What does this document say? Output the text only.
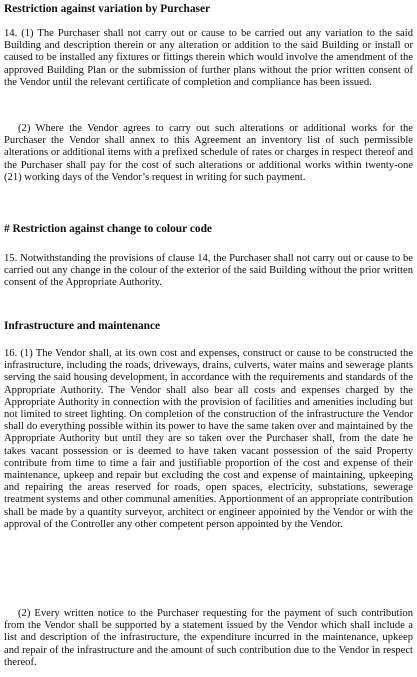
Restriction against variation by Purchaser
14. (1) The Purchaser shall not carry out or cause to be carried out any variation to the said Building and description therein or any alteration or addition to the said Building or install or caused to be installed any fixtures or fittings therein which would involve the amendment of the approved Building Plan or the submission of further plans without the prior written consent of the Vendor until the relevant certificate of completion and compliance has been issued.
(2) Where the Vendor agrees to carry out such alterations or additional works for the Purchaser the Vendor shall annex to this Agreement an inventory list of such permissible alterations or additional items with a prefixed schedule of rates or charges in respect thereof and the Purchaser shall pay for the cost of such alterations or additional works within twenty-one (21) working days of the Vendor’s request in writing for such payment.
# Restriction against change to colour code
15. Notwithstanding the provisions of clause 14, the Purchaser shall not carry out or cause to be carried out any change in the colour of the exterior of the said Building without the prior written consent of the Appropriate Authority.
Infrastructure and maintenance
16. (1) The Vendor shall, at its own cost and expenses, construct or cause to be constructed the infrastructure, including the roads, driveways, drains, culverts, water mains and sewerage plants serving the said housing development, in accordance with the requirements and standards of the Appropriate Authority. The Vendor shall also bear all costs and expenses charged by the Appropriate Authority in connection with the provision of facilities and amenities including but not limited to street lighting. On completion of the construction of the infrastructure the Vendor shall do everything possible within its power to have the same taken over and maintained by the Appropriate Authority but until they are so taken over the Purchaser shall, from the date he takes vacant possession or is deemed to have taken vacant possession of the said Property contribute from time to time a fair and justifiable proportion of the cost and expense of their maintenance, upkeep and repair but excluding the cost and expense of maintaining, upkeeping and repairing the areas reserved for roads, open spaces, electricity, substations, sewerage treatment systems and other communal amenities. Apportionment of an appropriate contribution shall be made by a quantity surveyor, architect or engineer appointed by the Vendor or with the approval of the Controller any other competent person appointed by the Vendor.
(2) Every written notice to the Purchaser requesting for the payment of such contribution from the Vendor shall be supported by a statement issued by the Vendor which shall include a list and description of the infrastructure, the expenditure incurred in the maintenance, upkeep and repair of the infrastructure and the amount of such contribution due to the Vendor in respect thereof.
